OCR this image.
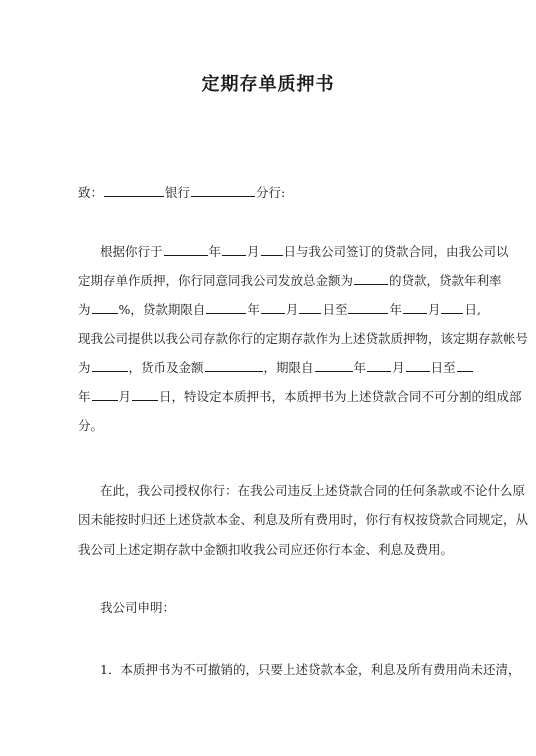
定期存单质押书
致：	银行	分行:
根据你行于	年 月 日与我公司签订的贷款合同，由我公司以
定期存单作质押，你行同意同我公司发放总金额为	的贷款，贷款年利率
为 %，贷款期限自	年 月 日至	年 月 日,
现我公司提供以我公司存款你行的定期存款作为上述贷款质押物，该定期存款帐号
为	，货币及金额	，期限自	年 月 日至
年 月 日，特设定本质押书，本质押书为上述贷款合同不可分割的组成部
分。
在此，我公司授权你行：在我公司违反上述贷款合同的任何条款或不论什么原
因未能按时归还上述贷款本金、利息及所有费用时，你行有权按贷款合同规定，从
我公司上述定期存款中金额扣收我公司应还你行本金、利息及费用。
我公司申明：
1．本质押书为不可撤销的，只要上述贷款本金，利息及所有费用尚未还清，
